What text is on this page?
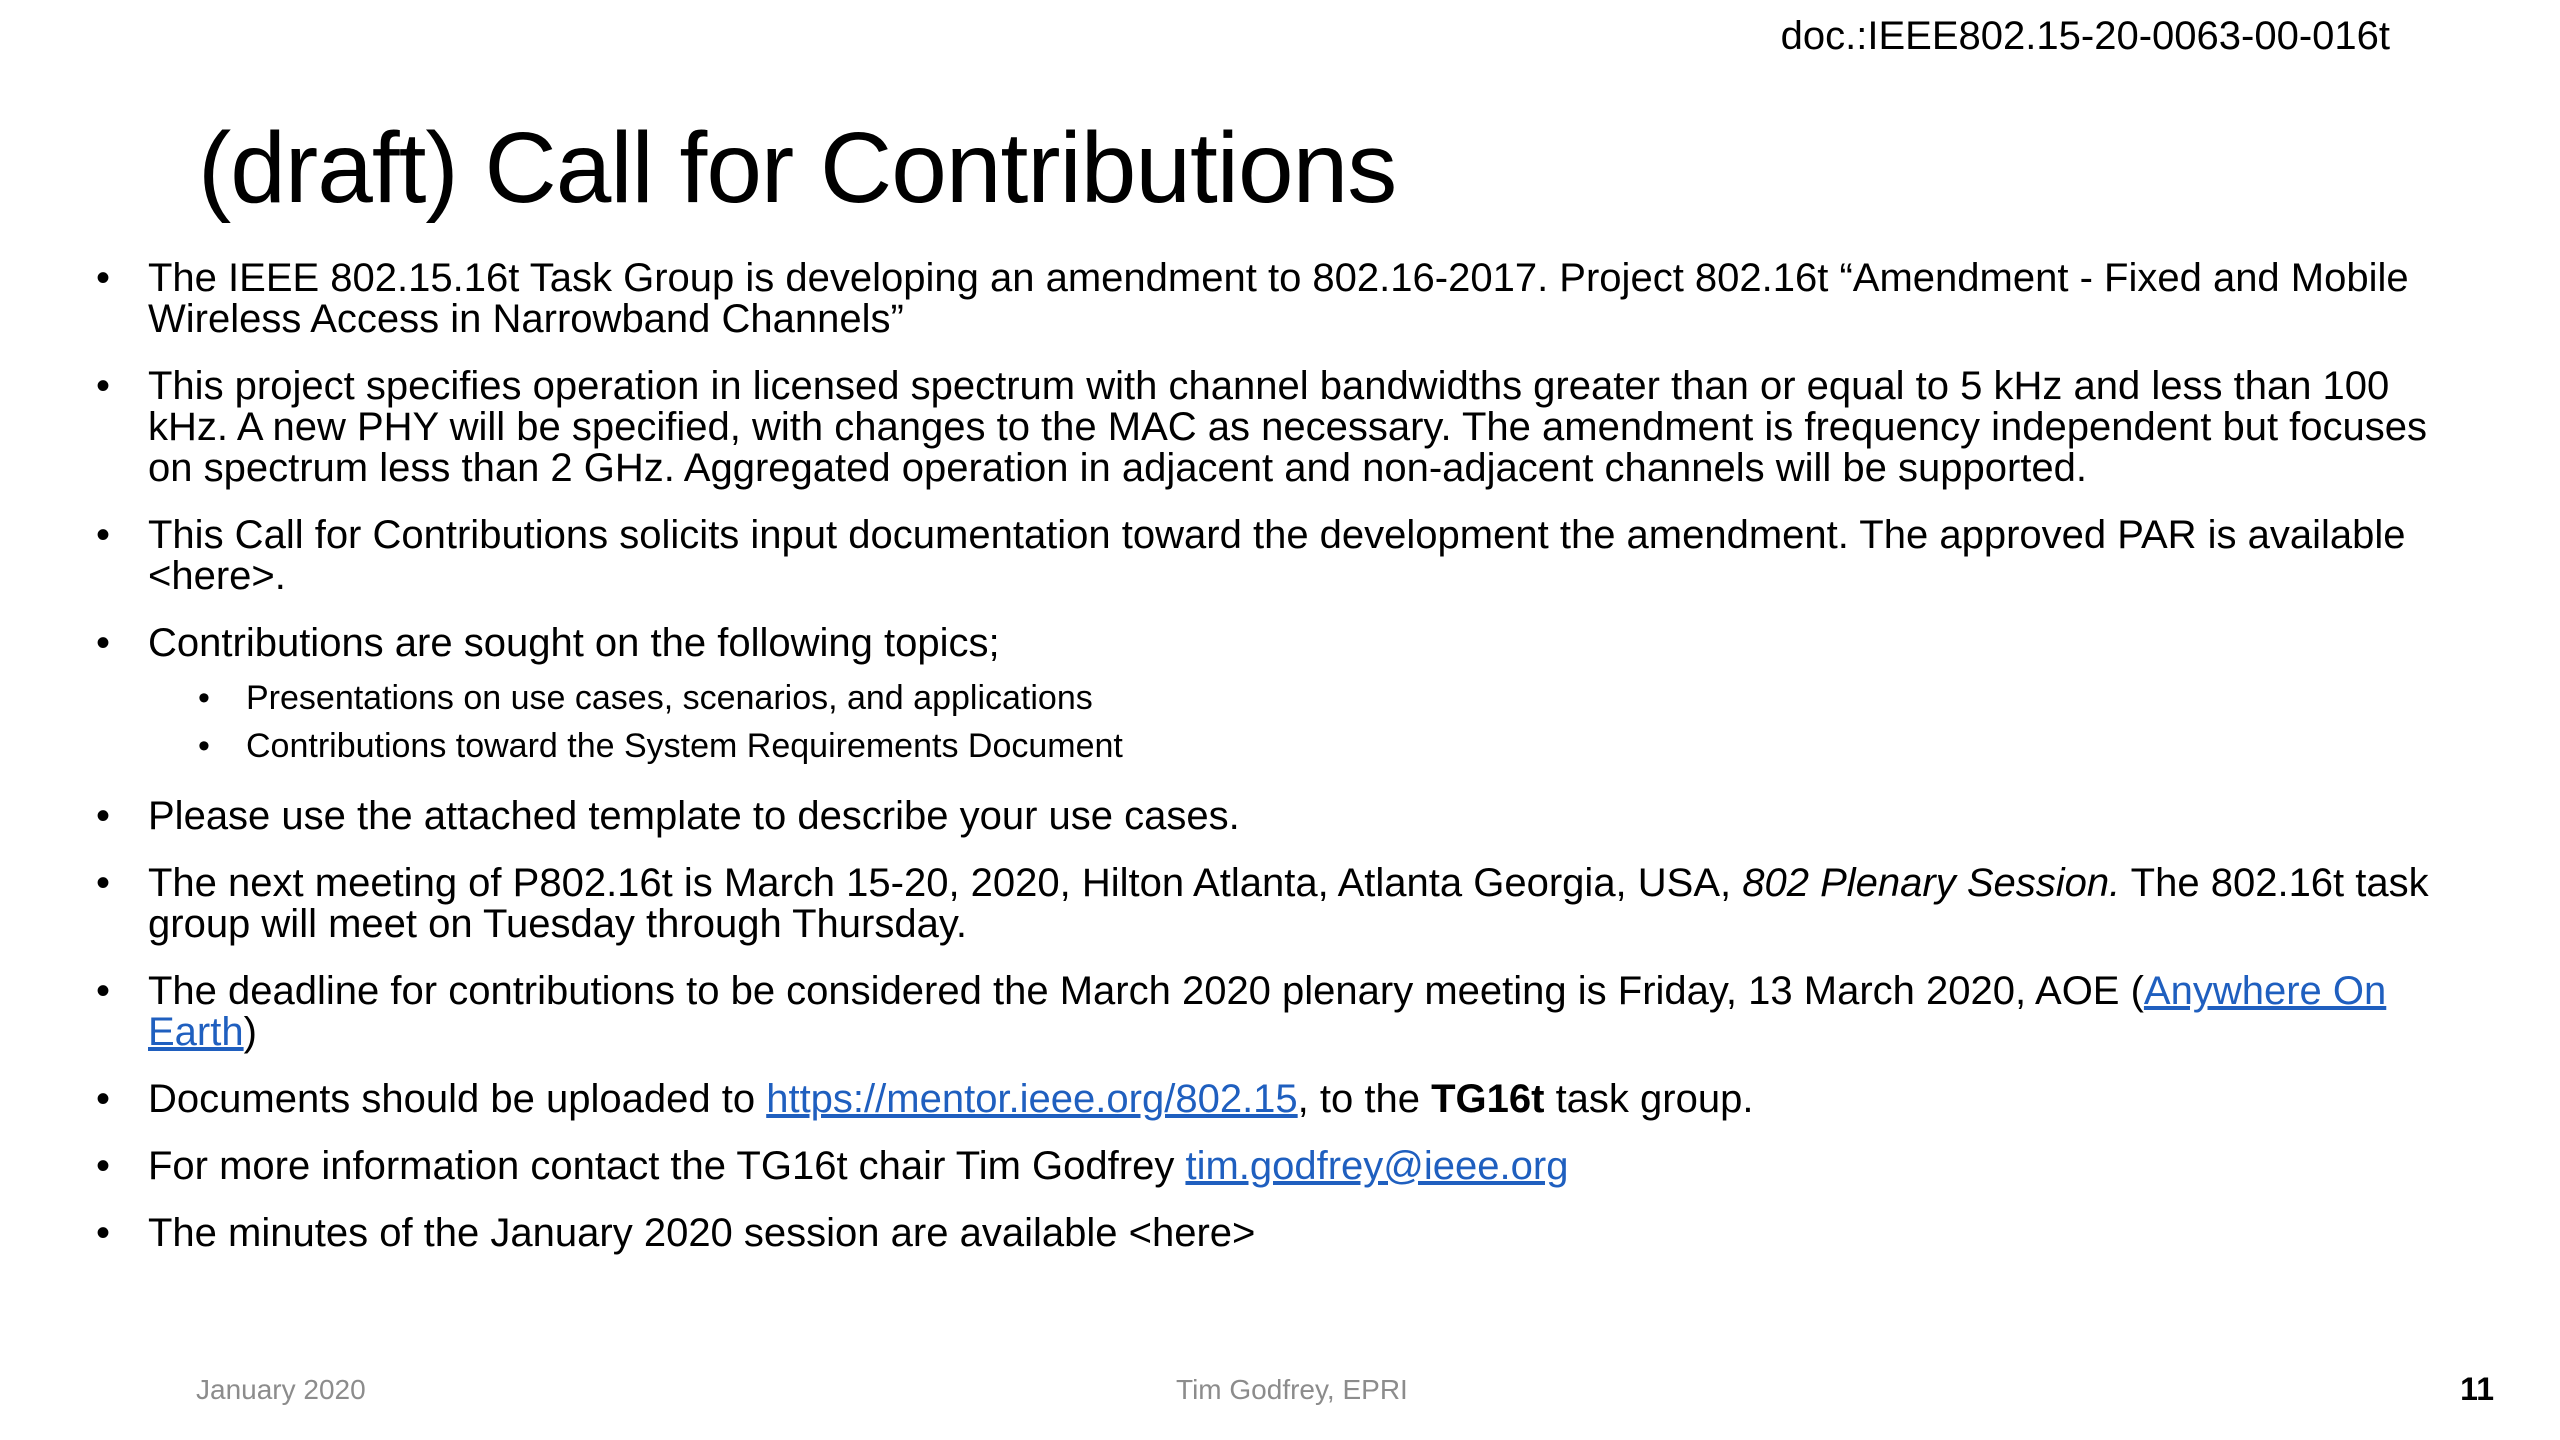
doc.:IEEE802.15-20-0063-00-016t
(draft) Call for Contributions
• The IEEE 802.15.16t Task Group is developing an amendment to 802.16-2017. Project 802.16t “Amendment - Fixed and Mobile Wireless Access in Narrowband Channels”
• This project specifies operation in licensed spectrum with channel bandwidths greater than or equal to 5 kHz and less than 100 kHz. A new PHY will be specified, with changes to the MAC as necessary. The amendment is frequency independent but focuses on spectrum less than 2 GHz. Aggregated operation in adjacent and non-adjacent channels will be supported.
• This Call for Contributions solicits input documentation toward the development the amendment. The approved PAR is available <here>.
• Contributions are sought on the following topics;
• Presentations on use cases, scenarios, and applications
• Contributions toward the System Requirements Document
• Please use the attached template to describe your use cases.
• The next meeting of P802.16t is March 15-20, 2020, Hilton Atlanta, Atlanta Georgia, USA, 802 Plenary Session. The 802.16t task group will meet on Tuesday through Thursday.
• The deadline for contributions to be considered the March 2020 plenary meeting is Friday, 13 March 2020, AOE (Anywhere On Earth)
• Documents should be uploaded to https://mentor.ieee.org/802.15, to the TG16t task group.
• For more information contact the TG16t chair Tim Godfrey tim.godfrey@ieee.org
• The minutes of the January 2020 session are available <here>
January 2020	Tim Godfrey, EPRI	11
